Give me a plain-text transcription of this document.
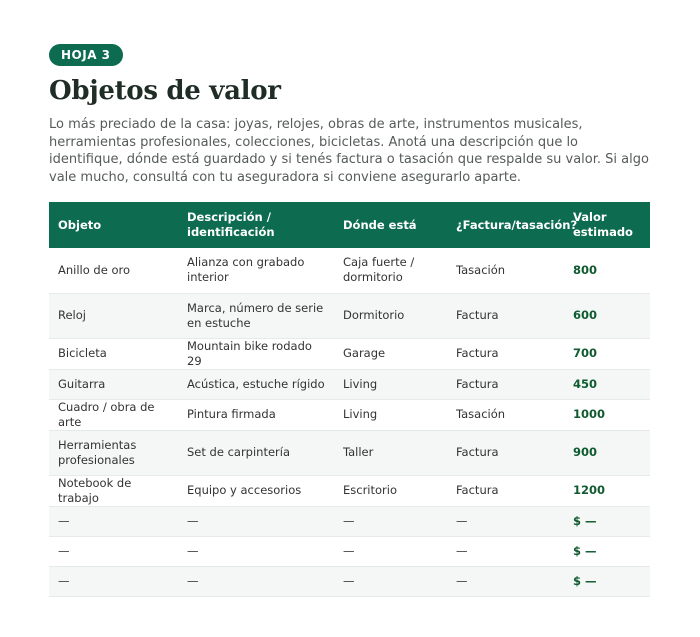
HOJA 3
Objetos de valor

Lo más preciado de la casa: joyas, relojes, obras de arte, instrumentos musicales, herramientas profesionales, colecciones, bicicletas. Anotá una descripción que lo identifique, dónde está guardado y si tenés factura o tasación que respalde su valor. Si algo vale mucho, consultá con tu aseguradora si conviene asegurarlo aparte.

Objeto	Descripción / identificación	Dónde está	¿Factura/tasación?	Valor estimado
Anillo de oro	Alianza con grabado interior	Caja fuerte / dormitorio	Tasación	800
Reloj	Marca, número de serie en estuche	Dormitorio	Factura	600
Bicicleta	Mountain bike rodado 29	Garage	Factura	700
Guitarra	Acústica, estuche rígido	Living	Factura	450
Cuadro / obra de arte	Pintura firmada	Living	Tasación	1000
Herramientas profesionales	Set de carpintería	Taller	Factura	900
Notebook de trabajo	Equipo y accesorios	Escritorio	Factura	1200
—	—	—	—	$ —
—	—	—	—	$ —
—	—	—	—	$ —
